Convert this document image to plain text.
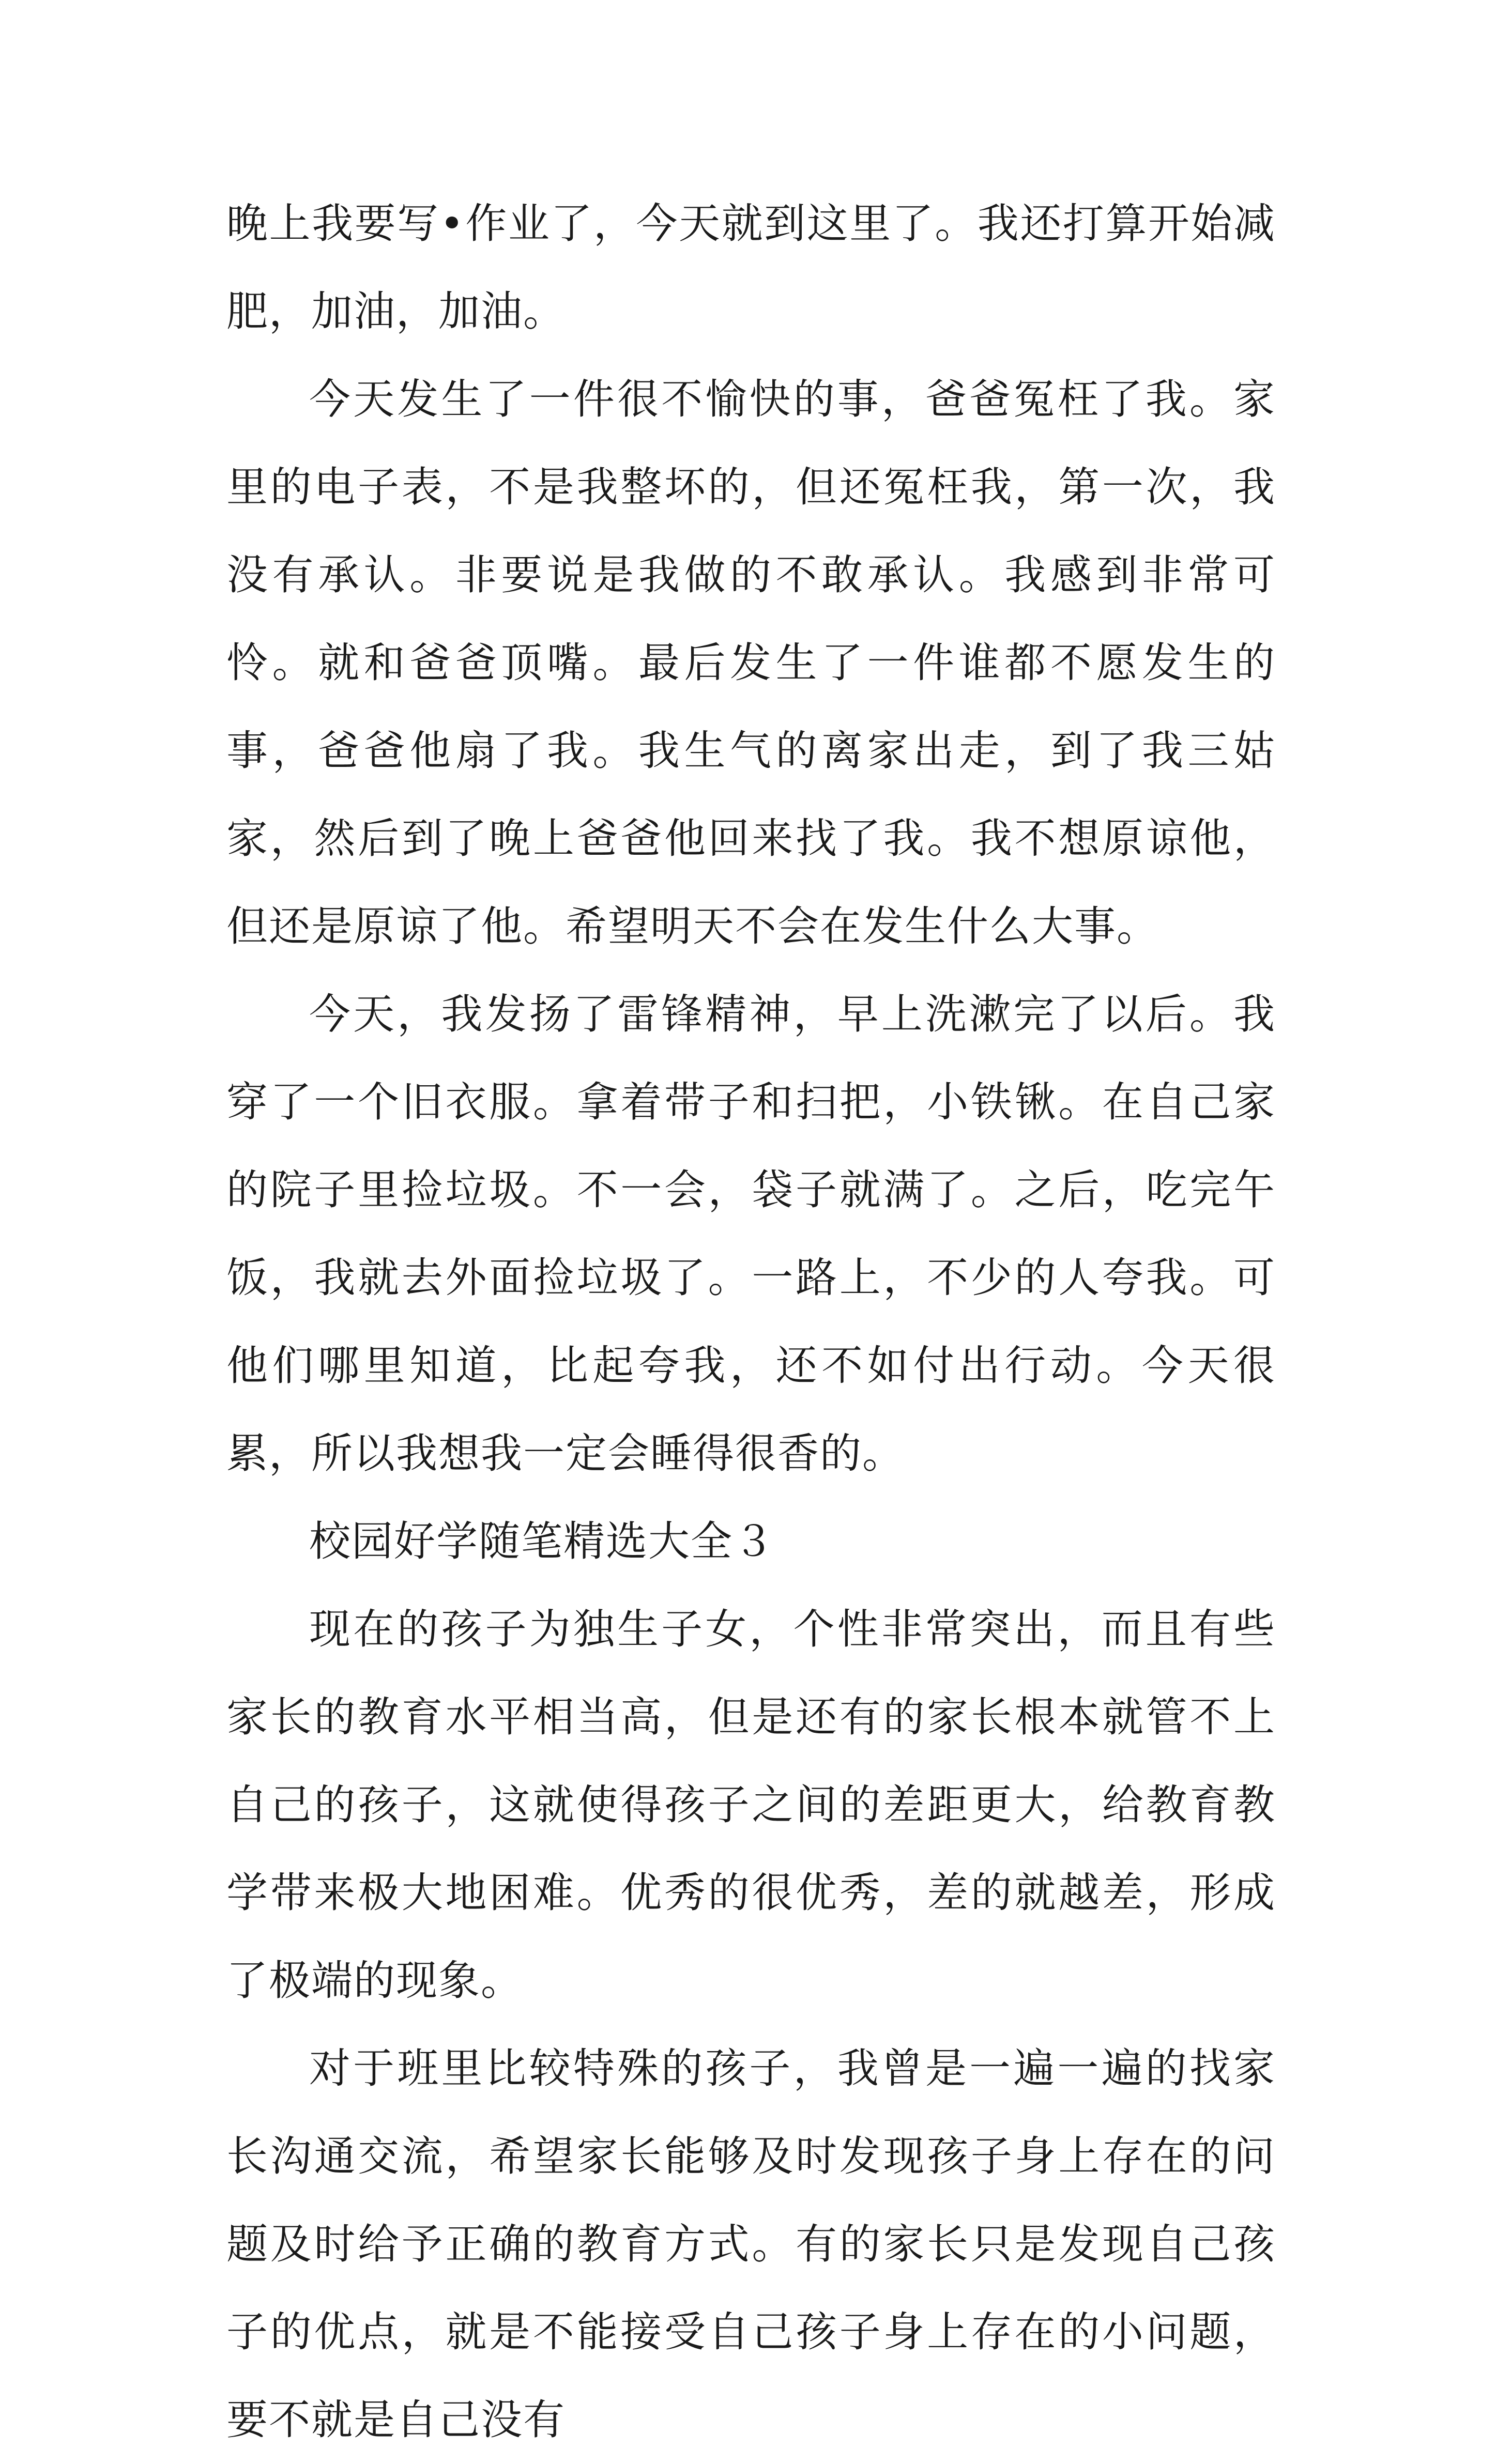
晚上我要写•作业了，今天就到这里了。我还打算开始减肥，加油，加油。

今天发生了一件很不愉快的事，爸爸冤枉了我。家里的电子表，不是我整坏的，但还冤枉我，第一次，我没有承认。非要说是我做的不敢承认。我感到非常可怜。就和爸爸顶嘴。最后发生了一件谁都不愿发生的事，爸爸他扇了我。我生气的离家出走，到了我三姑家，然后到了晚上爸爸他回来找了我。我不想原谅他，但还是原谅了他。希望明天不会在发生什么大事。

今天，我发扬了雷锋精神，早上洗漱完了以后。我穿了一个旧衣服。拿着带子和扫把，小铁锹。在自己家的院子里捡垃圾。不一会，袋子就满了。之后，吃完午饭，我就去外面捡垃圾了。一路上，不少的人夸我。可他们哪里知道，比起夸我，还不如付出行动。今天很累，所以我想我一定会睡得很香的。

校园好学随笔精选大全３

现在的孩子为独生子女，个性非常突出，而且有些家长的教育水平相当高，但是还有的家长根本就管不上自己的孩子，这就使得孩子之间的差距更大，给教育教学带来极大地困难。优秀的很优秀，差的就越差，形成了极端的现象。

对于班里比较特殊的孩子，我曾是一遍一遍的找家长沟通交流，希望家长能够及时发现孩子身上存在的问题及时给予正确的教育方式。有的家长只是发现自己孩子的优点，就是不能接受自己孩子身上存在的小问题，要不就是自己没有
